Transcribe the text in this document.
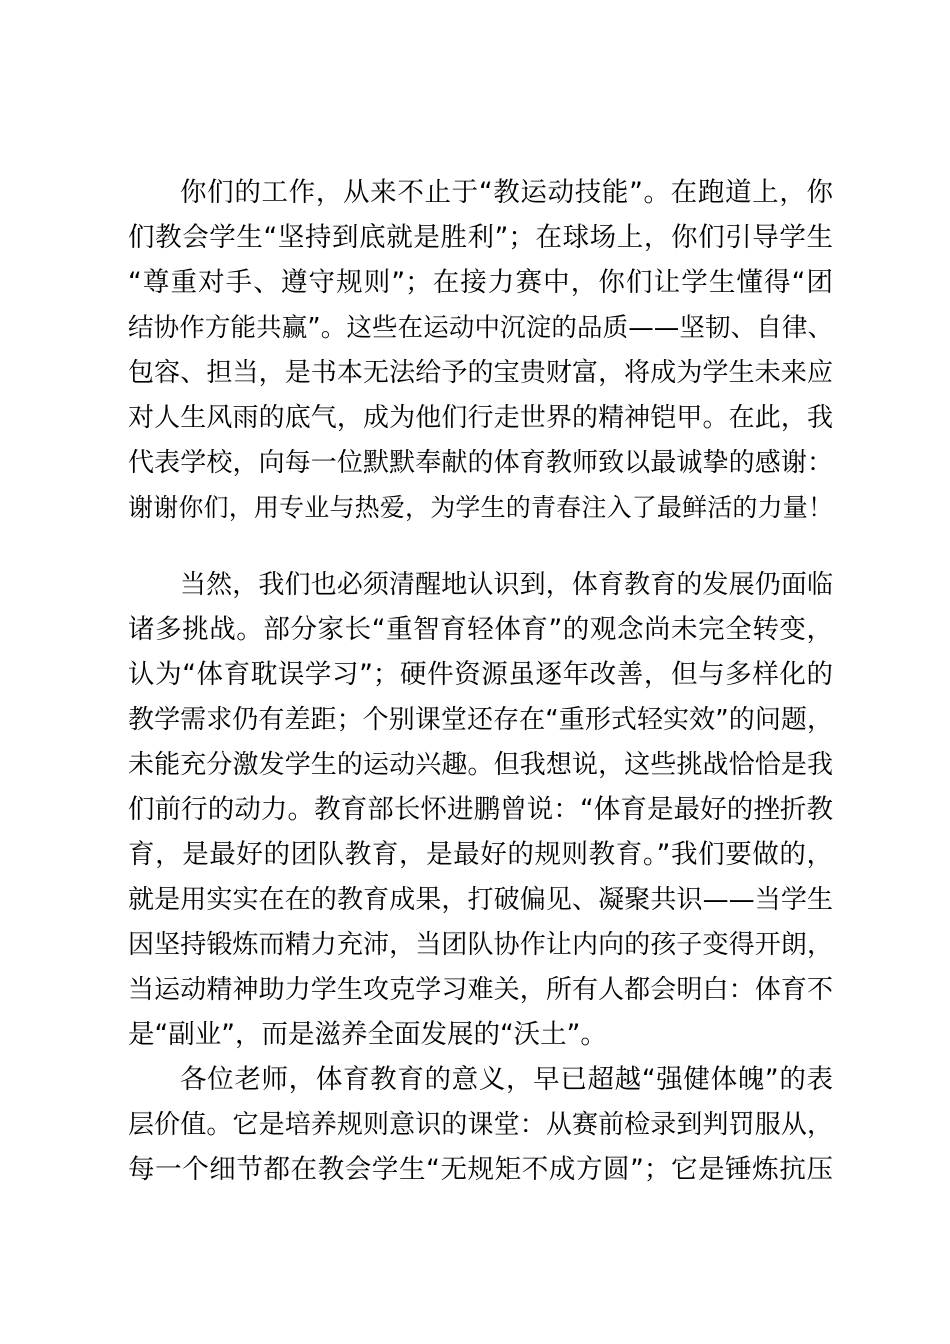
你们的工作，从来不止于“教运动技能”。在跑道上，你
们教会学生“坚持到底就是胜利”；在球场上，你们引导学生
“尊重对手、遵守规则”；在接力赛中，你们让学生懂得“团
结协作方能共赢”。这些在运动中沉淀的品质——坚韧、自律、
包容、担当，是书本无法给予的宝贵财富，将成为学生未来应
对人生风雨的底气，成为他们行走世界的精神铠甲。在此，我
代表学校，向每一位默默奉献的体育教师致以最诚挚的感谢：
谢谢你们，用专业与热爱，为学生的青春注入了最鲜活的力量！
当然，我们也必须清醒地认识到，体育教育的发展仍面临
诸多挑战。部分家长“重智育轻体育”的观念尚未完全转变，
认为“体育耽误学习”；硬件资源虽逐年改善，但与多样化的
教学需求仍有差距；个别课堂还存在“重形式轻实效”的问题，
未能充分激发学生的运动兴趣。但我想说，这些挑战恰恰是我
们前行的动力。教育部长怀进鹏曾说：“体育是最好的挫折教
育，是最好的团队教育，是最好的规则教育。”我们要做的，
就是用实实在在的教育成果，打破偏见、凝聚共识——当学生
因坚持锻炼而精力充沛，当团队协作让内向的孩子变得开朗，
当运动精神助力学生攻克学习难关，所有人都会明白：体育不
是“副业”，而是滋养全面发展的“沃土”。
各位老师，体育教育的意义，早已超越“强健体魄”的表
层价值。它是培养规则意识的课堂：从赛前检录到判罚服从，
每一个细节都在教会学生“无规矩不成方圆”；它是锤炼抗压
